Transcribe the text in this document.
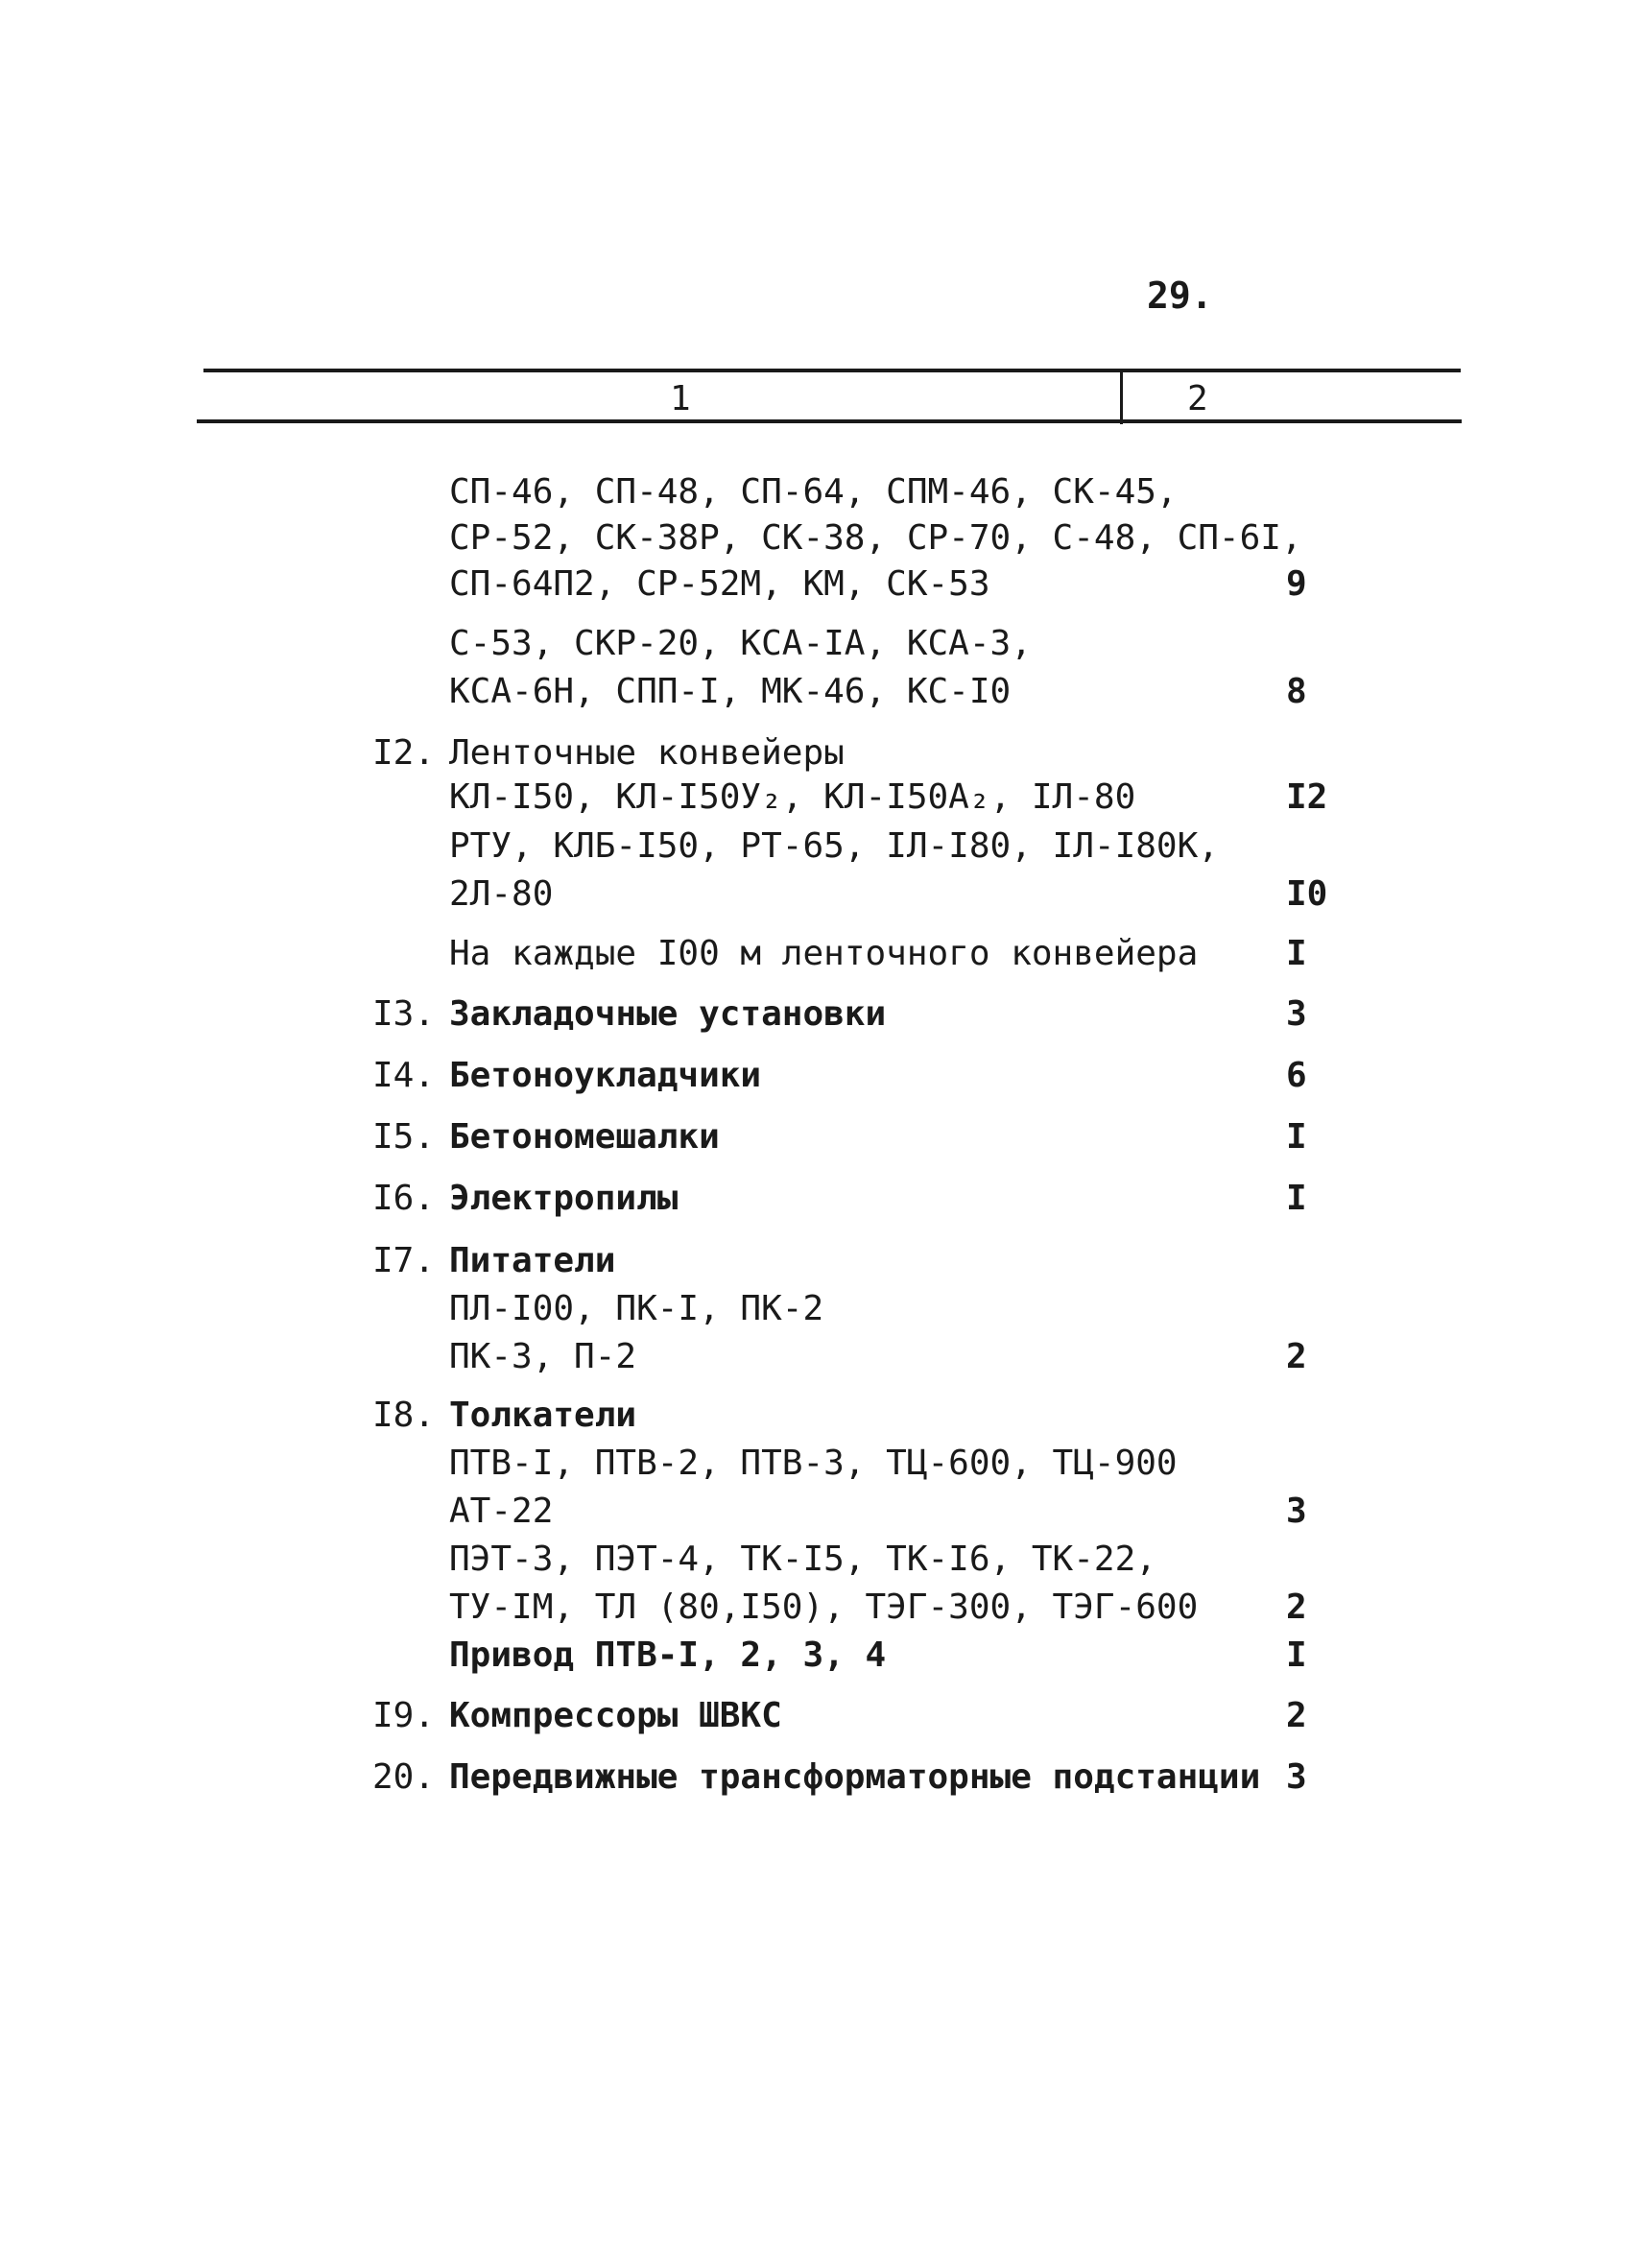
29.
1	2
СП-46, СП-48, СП-64, СПМ-46, СК-45,
СР-52, СК-38Р, СК-38, СР-70, С-48, СП-6I,
СП-64П2, СР-52М, КМ, СК-53	9
С-53, СКР-20, КСА-IA, КСА-3,
КСА-6Н, СПП-I, МК-46, КС-I0	8
I2. Ленточные конвейеры
КЛ-I50, КЛ-I50У₂, КЛ-I50А₂, IЛ-80	I2
РТУ, КЛБ-I50, РТ-65, IЛ-I80, IЛ-I80К,
2Л-80	I0
На каждые I00 м ленточного конвейера	I
I3. Закладочные установки	3
I4. Бетоноукладчики	6
I5. Бетономешалки	I
I6. Электропилы	I
I7. Питатели
ПЛ-I00, ПК-I, ПК-2
ПК-3, П-2	2
I8. Толкатели
ПТВ-I, ПТВ-2, ПТВ-3, ТЦ-600, ТЦ-900
АТ-22	3
ПЭТ-3, ПЭТ-4, ТК-I5, ТК-I6, ТК-22,
ТУ-IМ, ТЛ (80,I50), ТЭГ-300, ТЭГ-600	2
Привод ПТВ-I, 2, 3, 4	I
I9. Компрессоры ШВКС	2
20. Передвижные трансформаторные подстанции 3
